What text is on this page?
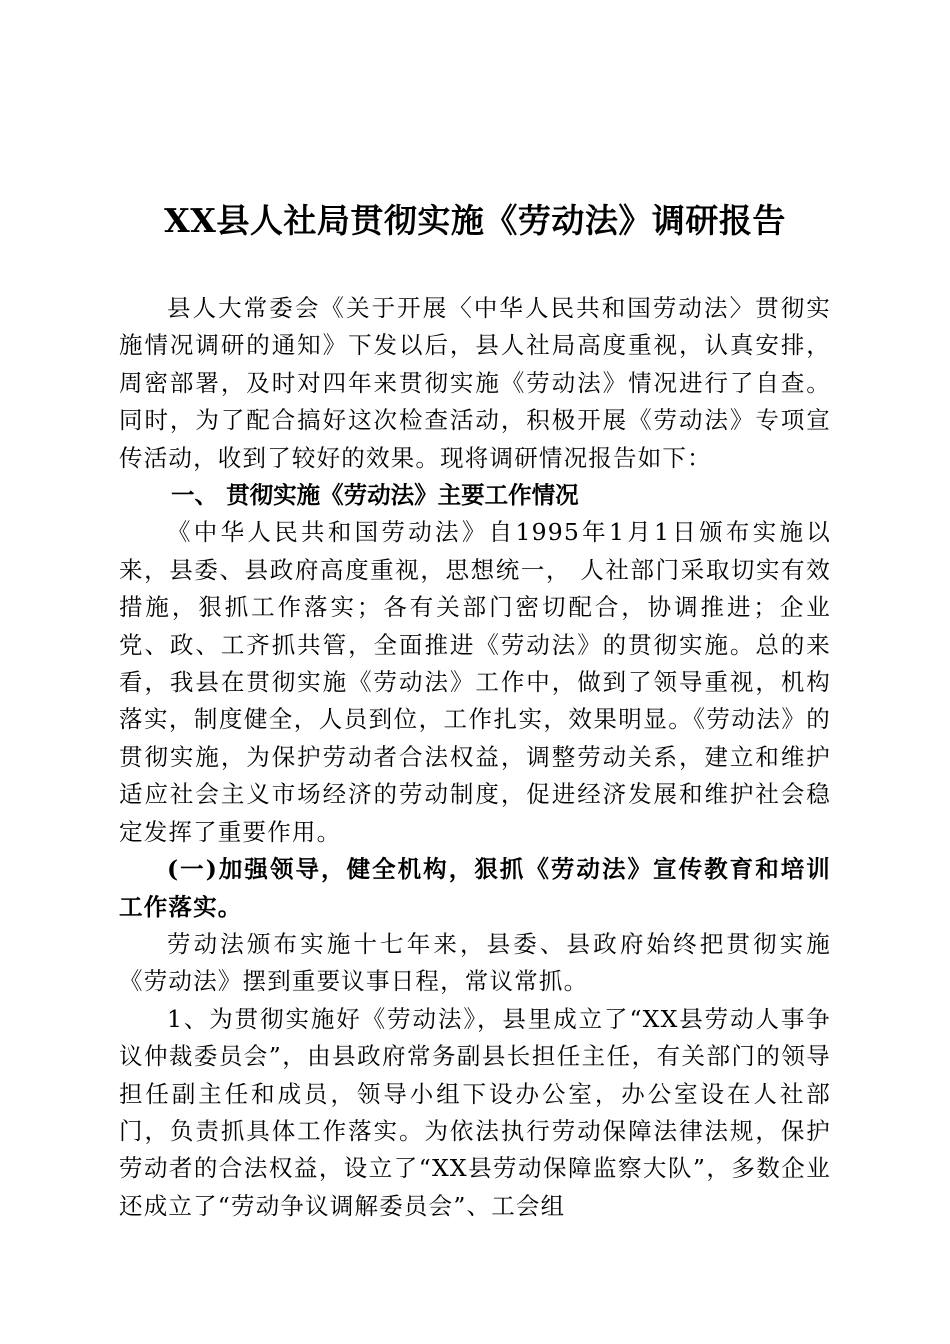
XX县人社局贯彻实施《劳动法》调研报告

县人大常委会《关于开展〈中华人民共和国劳动法〉贯彻实施情况调研的通知》下发以后，县人社局高度重视，认真安排，周密部署，及时对四年来贯彻实施《劳动法》情况进行了自查。同时，为了配合搞好这次检查活动，积极开展《劳动法》专项宣传活动，收到了较好的效果。现将调研情况报告如下：

一、 贯彻实施《劳动法》主要工作情况

《中华人民共和国劳动法》自1995年1月1日颁布实施以来，县委、县政府高度重视，思想统一， 人社部门采取切实有效措施，狠抓工作落实；各有关部门密切配合，协调推进；企业党、政、工齐抓共管，全面推进《劳动法》的贯彻实施。总的来看，我县在贯彻实施《劳动法》工作中，做到了领导重视，机构落实，制度健全，人员到位，工作扎实，效果明显。《劳动法》的贯彻实施，为保护劳动者合法权益，调整劳动关系，建立和维护适应社会主义市场经济的劳动制度，促进经济发展和维护社会稳定发挥了重要作用。

(一)加强领导，健全机构，狠抓《劳动法》宣传教育和培训工作落实。

劳动法颁布实施十七年来，县委、县政府始终把贯彻实施《劳动法》摆到重要议事日程，常议常抓。

1、为贯彻实施好《劳动法》，县里成立了“XX县劳动人事争议仲裁委员会”，由县政府常务副县长担任主任，有关部门的领导担任副主任和成员，领导小组下设办公室，办公室设在人社部门，负责抓具体工作落实。为依法执行劳动保障法律法规，保护劳动者的合法权益，设立了“XX县劳动保障监察大队”，多数企业还成立了“劳动争议调解委员会”、工会组
